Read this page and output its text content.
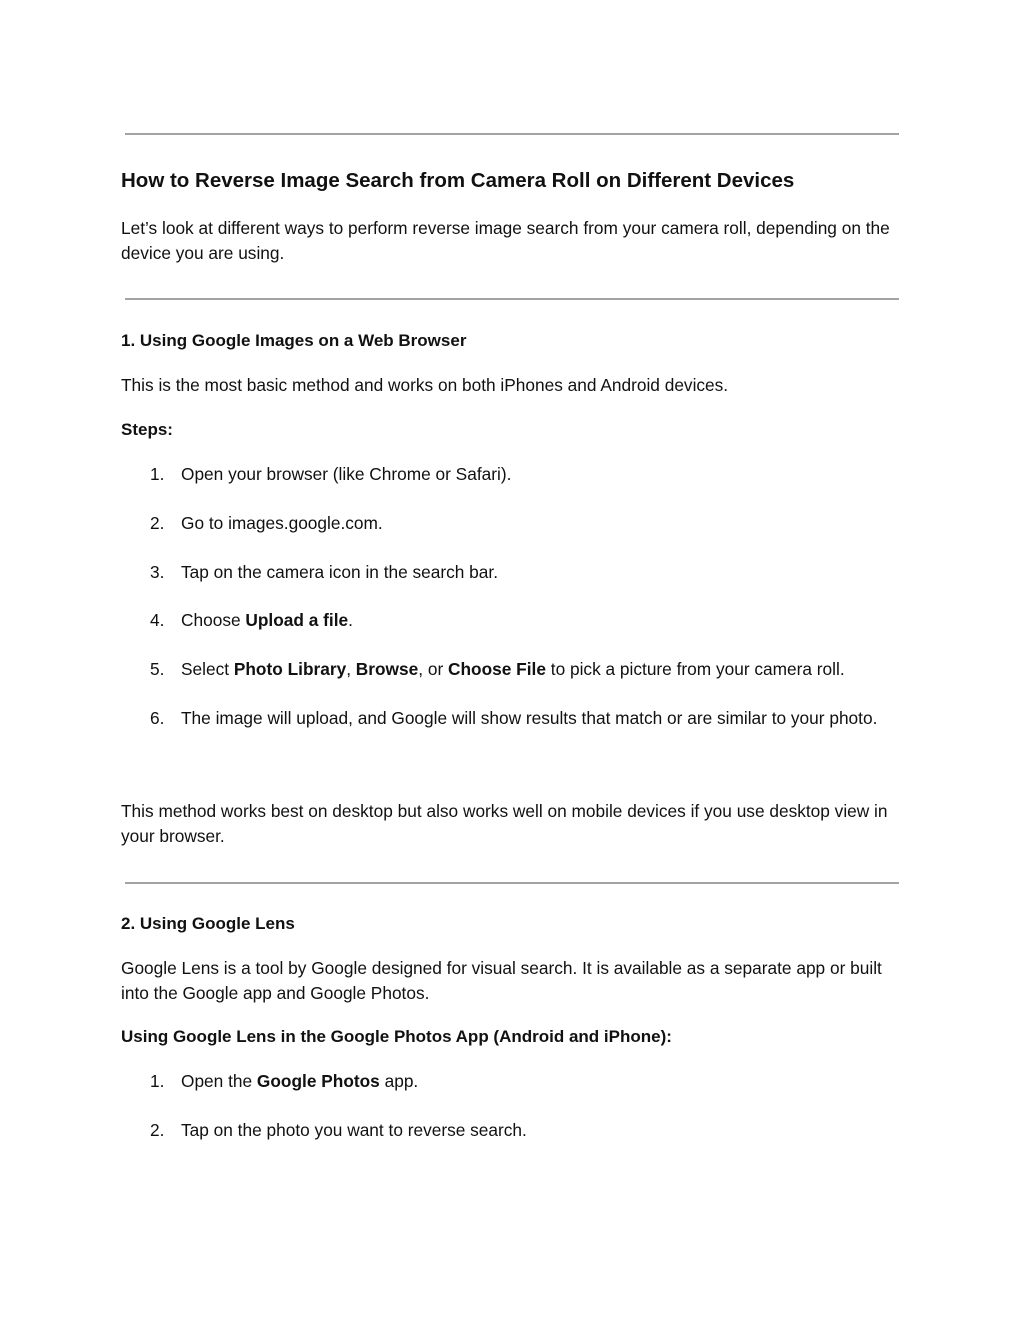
How to Reverse Image Search from Camera Roll on Different Devices
Let’s look at different ways to perform reverse image search from your camera roll, depending on the device you are using.
1. Using Google Images on a Web Browser
This is the most basic method and works on both iPhones and Android devices.
Steps:
1. Open your browser (like Chrome or Safari).
2. Go to images.google.com.
3. Tap on the camera icon in the search bar.
4. Choose Upload a file.
5. Select Photo Library, Browse, or Choose File to pick a picture from your camera roll.
6. The image will upload, and Google will show results that match or are similar to your photo.
This method works best on desktop but also works well on mobile devices if you use desktop view in your browser.
2. Using Google Lens
Google Lens is a tool by Google designed for visual search. It is available as a separate app or built into the Google app and Google Photos.
Using Google Lens in the Google Photos App (Android and iPhone):
1. Open the Google Photos app.
2. Tap on the photo you want to reverse search.
